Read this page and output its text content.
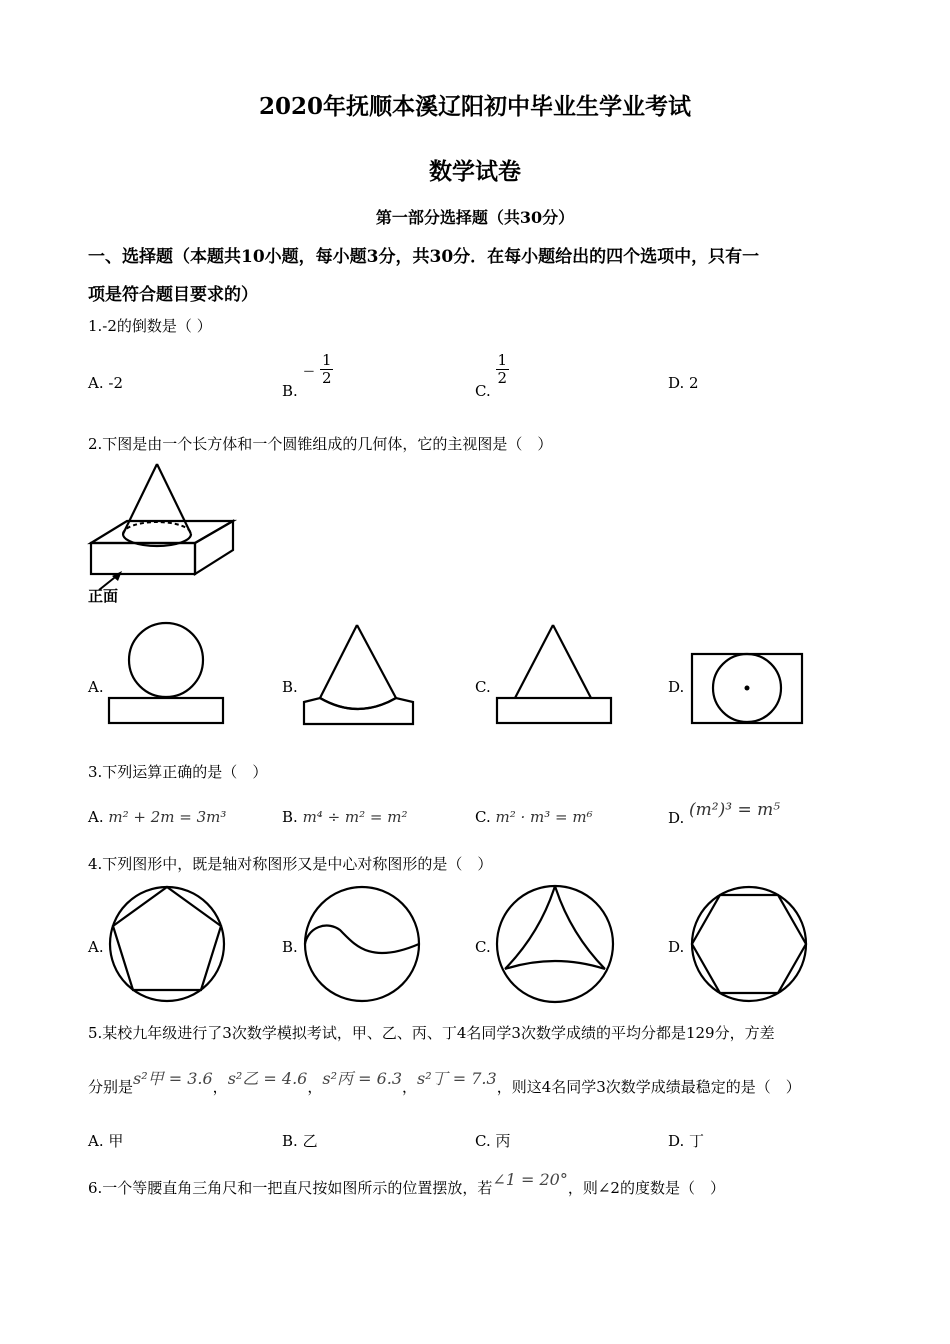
2020年抚顺本溪辽阳初中毕业生学业考试
数学试卷
第一部分选择题（共30分）
一、选择题（本题共10小题，每小题3分，共30分．在每小题给出的四个选项中，只有一
项是符合题目要求的）
1.-2的倒数是（ ）
A. -2	B. − $\frac{1}{2}$
C.
$\frac{1}{2}$	D. 2
2.下图是由一个长方体和一个圆锥组成的几何体，它的主视图是（　）
正面
A.	B.	C.	D.
3.下列运算正确的是（　）
A. m² + 2m = 3m³	B. m⁴ ÷ m² = m²	C. m² · m³ = m⁶	D. (m²)³ = m⁵
4.下列图形中，既是轴对称图形又是中心对称图形的是（　）
A.	B.	C.	D.
5.某校九年级进行了3次数学模拟考试，甲、乙、丙、丁4名同学3次数学成绩的平均分都是129分，方差
分别是s²甲 = 3.6，s²乙 = 4.6，s²丙 = 6.3，s²丁 = 7.3，则这4名同学3次数学成绩最稳定的是（　）
A. 甲	B. 乙	C. 丙	D. 丁
6.一个等腰直角三角尺和一把直尺按如图所示的位置摆放，若∠1 = 20°，则∠2的度数是（　）
